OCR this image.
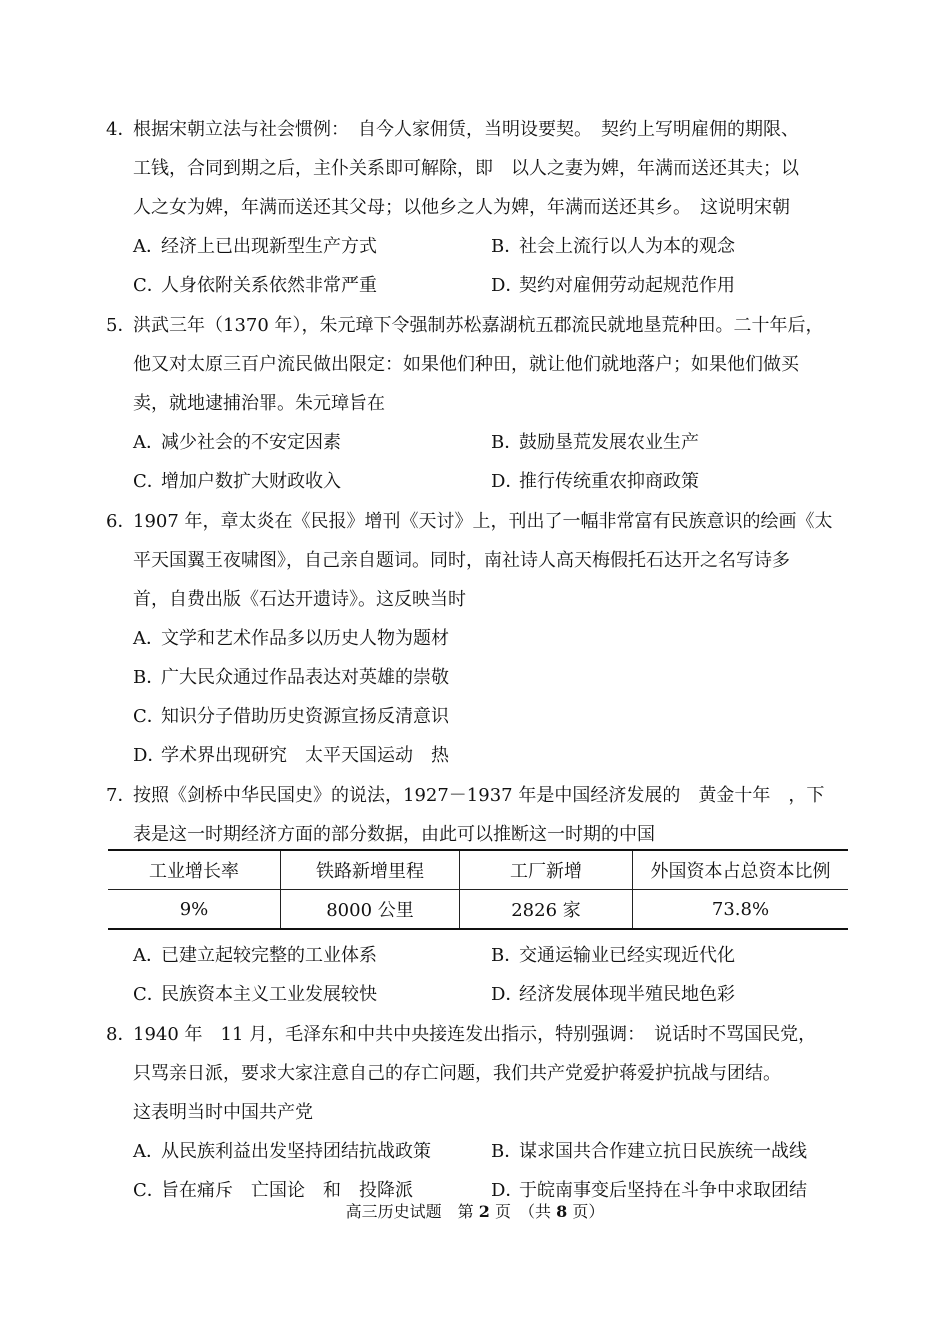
4．根据宋朝立法与社会惯例：　自今人家佣赁，当明设要契。　契约上写明雇佣的期限、
工钱，合同到期之后，主仆关系即可解除，即　以人之妻为婢，年满而送还其夫；以
人之女为婢，年满而送还其父母；以他乡之人为婢，年满而送还其乡。　这说明宋朝
A．经济上已出现新型生产方式	B．社会上流行以人为本的观念
C．人身依附关系依然非常严重	D．契约对雇佣劳动起规范作用
5．洪武三年（1370 年），朱元璋下令强制苏松嘉湖杭五郡流民就地垦荒种田。二十年后，
他又对太原三百户流民做出限定：如果他们种田，就让他们就地落户；如果他们做买
卖，就地逮捕治罪。朱元璋旨在
A．减少社会的不安定因素	B．鼓励垦荒发展农业生产
C．增加户数扩大财政收入	D．推行传统重农抑商政策
6．1907 年，章太炎在《民报》增刊《天讨》上，刊出了一幅非常富有民族意识的绘画《太
平天国翼王夜啸图》，自己亲自题词。同时，南社诗人高天梅假托石达开之名写诗多
首，自费出版《石达开遗诗》。这反映当时
A．文学和艺术作品多以历史人物为题材
B．广大民众通过作品表达对英雄的崇敬
C．知识分子借助历史资源宣扬反清意识
D．学术界出现研究　太平天国运动　热
7．按照《剑桥中华民国史》的说法，1927－1937 年是中国经济发展的　黄金十年　，下
表是这一时期经济方面的部分数据，由此可以推断这一时期的中国
工业增长率	铁路新增里程	工厂新增	外国资本占总资本比例
9%	8000 公里	2826 家	73.8%
A．已建立起较完整的工业体系	B．交通运输业已经实现近代化
C．民族资本主义工业发展较快	D．经济发展体现半殖民地色彩
8．1940 年　11 月，毛泽东和中共中央接连发出指示，特别强调：　说话时不骂国民党，
只骂亲日派，要求大家注意自己的存亡问题，我们共产党爱护蒋爱护抗战与团结。
这表明当时中国共产党
A．从民族利益出发坚持团结抗战政策	B．谋求国共合作建立抗日民族统一战线
C．旨在痛斥　亡国论　和　投降派	D．于皖南事变后坚持在斗争中求取团结
高三历史试题　第 2 页　（共 8 页）
